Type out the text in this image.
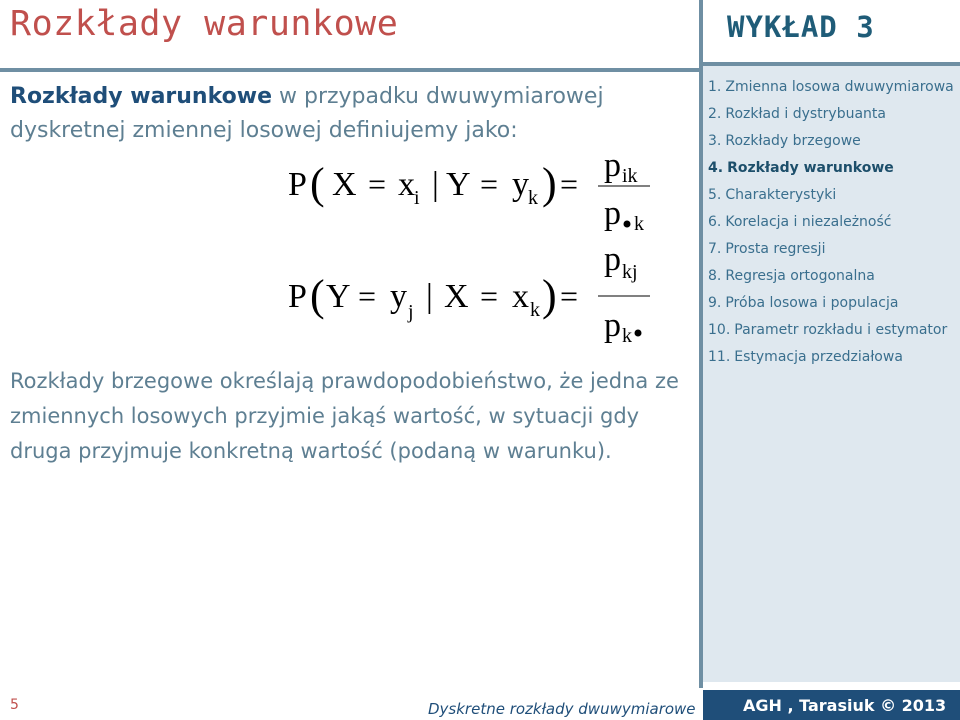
Rozkłady warunkowe	WYKŁAD 3
1. Zmienna losowa dwuwymiarowa
2. Rozkład i dystrybuanta
3. Rozkłady brzegowe
4. Rozkłady warunkowe
5. Charakterystyki
6. Korelacja i niezależność
7. Prosta regresji
8. Regresja ortogonalna
9. Próba losowa i populacja
10. Parametr rozkładu i estymator
11. Estymacja przedziałowa

Rozkłady warunkowe w przypadku dwuwymiarowej dyskretnej zmiennej losowej definiujemy jako:

P ( X = x i | Y = y k ) = p ik
p k
P ( Y = y j | X = x k ) =
p kj
p k

Rozkłady brzegowe określają prawdopodobieństwo, że jedna ze zmiennych losowych przyjmie jakąś wartość, w sytuacji gdy druga przyjmuje konkretną wartość (podaną w warunku).

5	Dyskretne rozkłady dwuwymiarowe	AGH , Tarasiuk © 2013
